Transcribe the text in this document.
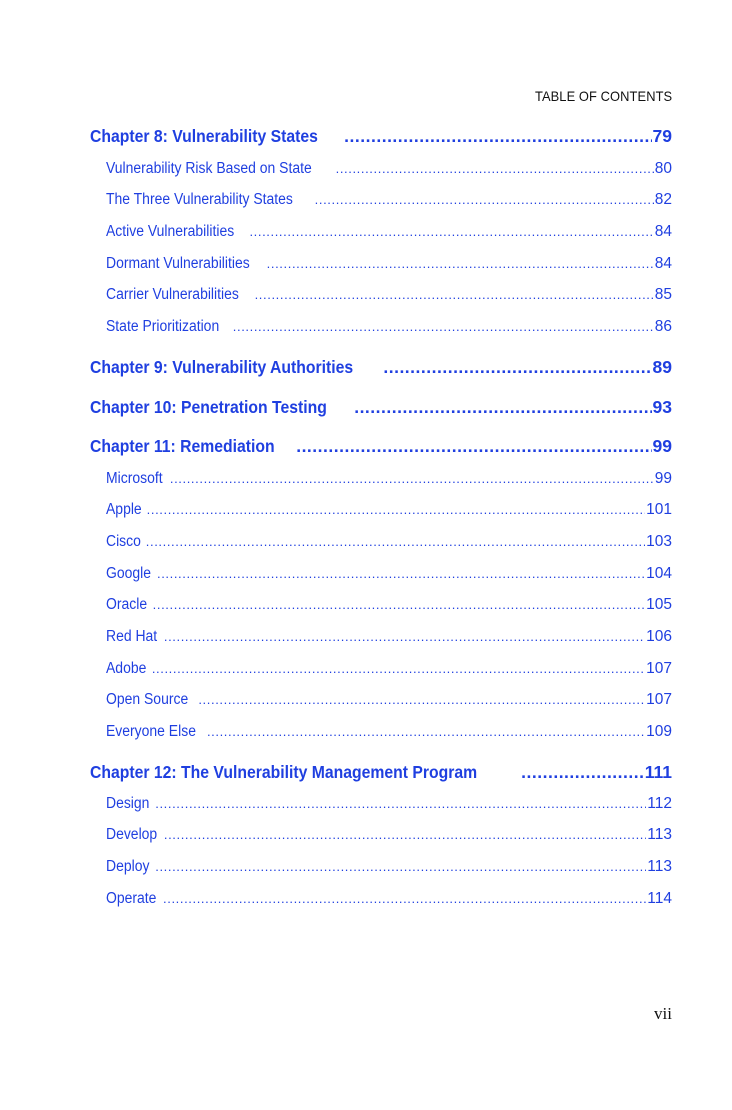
TABLE OF CONTENTS
Chapter 8: Vulnerability States .....	79
Vulnerability Risk Based on State .....	80
The Three Vulnerability States .....	82
Active Vulnerabilities .....	84
Dormant Vulnerabilities .....	84
Carrier Vulnerabilities .....	85
State Prioritization .....	86
Chapter 9: Vulnerability Authorities .....	89
Chapter 10: Penetration Testing .....	93
Chapter 11: Remediation .....	99
Microsoft .....	99
Apple .....	101
Cisco .....	103
Google .....	104
Oracle .....	105
Red Hat .....	106
Adobe .....	107
Open Source .....	107
Everyone Else .....	109
Chapter 12: The Vulnerability Management Program .....	111
Design .....	112
Develop .....	113
Deploy .....	113
Operate .....	114
vii
